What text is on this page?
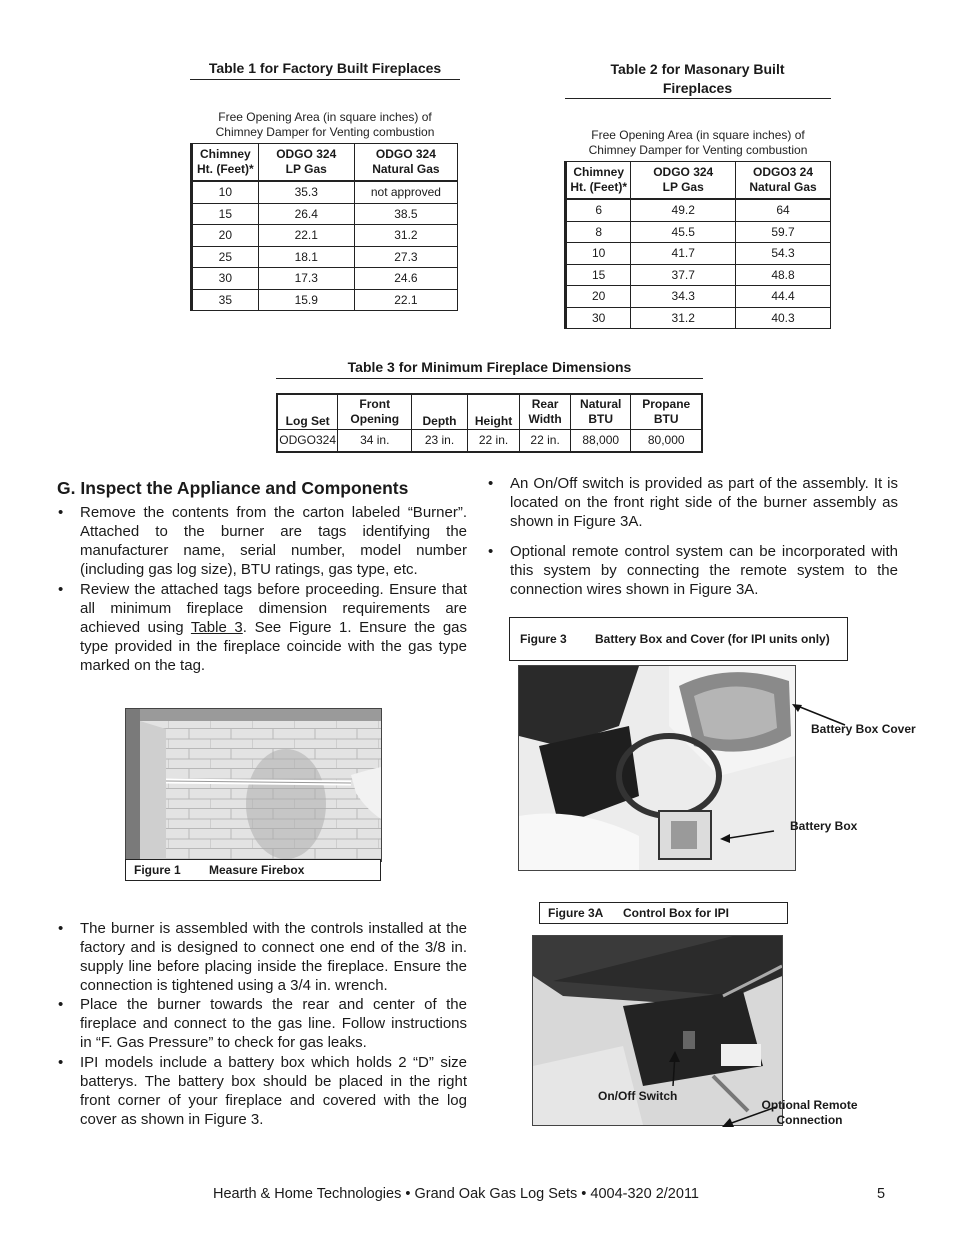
Table 1 for Factory Built Fireplaces
Free Opening Area (in square inches) of Chimney Damper for Venting combustion
Chimney Ht. (Feet)*	ODGO 324 LP Gas	ODGO 324 Natural Gas
10	35.3	not approved
15	26.4	38.5
20	22.1	31.2
25	18.1	27.3
30	17.3	24.6
35	15.9	22.1
Table 2 for Masonary Built Fireplaces
Free Opening Area (in square inches) of Chimney Damper for Venting combustion
Chimney Ht. (Feet)*	ODGO 324 LP Gas	ODGO3 24 Natural Gas
6	49.2	64
8	45.5	59.7
10	41.7	54.3
15	37.7	48.8
20	34.3	44.4
30	31.2	40.3
Table 3 for Minimum Fireplace Dimensions
Log Set	Front Opening	Depth	Height	Rear Width	Natural BTU	Propane BTU
ODGO324	34 in.	23 in.	22 in.	22 in.	88,000	80,000
G. Inspect the Appliance and Components
• Remove the contents from the carton labeled “Burner”. Attached to the burner are tags identifying the manufacturer name, serial number, model number (including gas log size), BTU ratings, gas type, etc.
• Review the attached tags before proceeding. Ensure that all minimum fireplace dimension requirements are achieved using Table 3. See Figure 1. Ensure the gas type provided in the fireplace coincide with the gas type marked on the tag.
Figure 1 Measure Firebox
• The burner is assembled with the controls installed at the factory and is designed to connect one end of the 3/8 in. supply line before placing inside the fireplace. Ensure the connection is tightened using a 3/4 in. wrench.
• Place the burner towards the rear and center of the fireplace and connect to the gas line. Follow instructions in “F. Gas Pressure” to check for gas leaks.
• IPI models include a battery box which holds 2 “D” size batterys. The battery box should be placed in the right front corner of your fireplace and covered with the log cover as shown in Figure 3.
• An On/Off switch is provided as part of the assembly. It is located on the front right side of the burner assembly as shown in Figure 3A.
• Optional remote control system can be incorporated with this system by connecting the remote system to the connection wires shown in Figure 3A.
Figure 3 Battery Box and Cover (for IPI units only)
Battery Box Cover
Battery Box
Figure 3A Control Box for IPI
On/Off Switch
Optional Remote Connection
Hearth & Home Technologies • Grand Oak Gas Log Sets • 4004-320 2/2011	5
